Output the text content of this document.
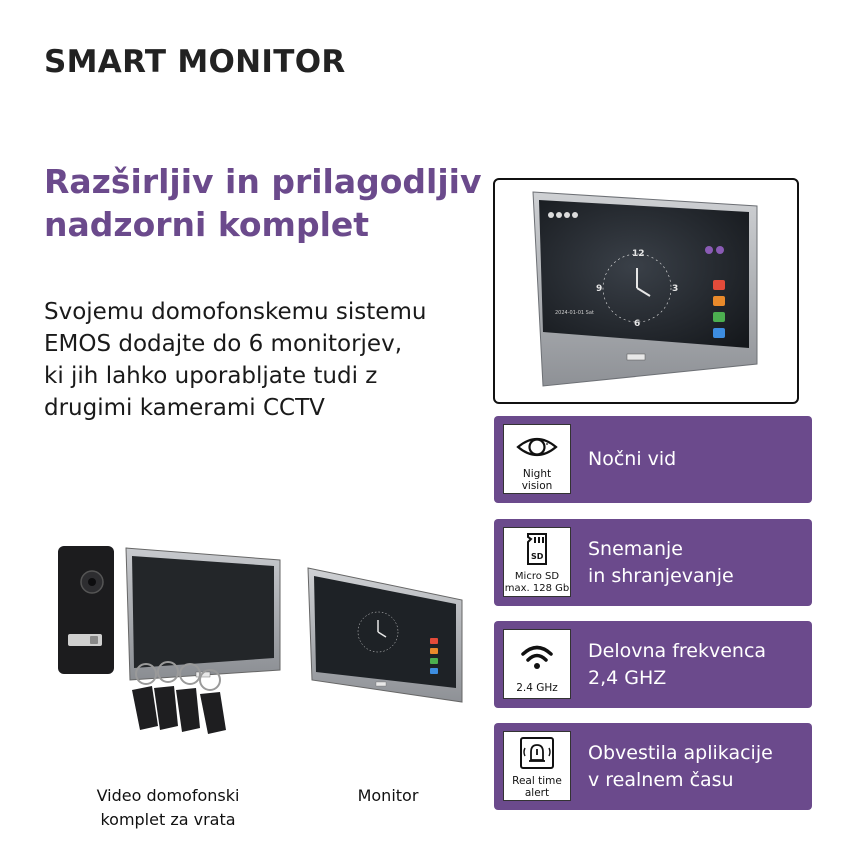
SMART MONITOR
Razširljiv in prilagodljiv
nadzorni komplet
Svojemu domofonskemu sistemu
EMOS dodajte do 6 monitorjev,
ki jih lahko uporabljate tudi z
drugimi kamerami CCTV
12
3
6
9
2024-01-01 Sat
Night
vision
Nočni vid
SD
Micro SD
max. 128 Gb
Snemanje
in shranjevanje
2.4 GHz
Delovna frekvenca
2,4 GHZ
Real time
alert
Obvestila aplikacije
v realnem času
Video domofonski
komplet za vrata
Monitor
